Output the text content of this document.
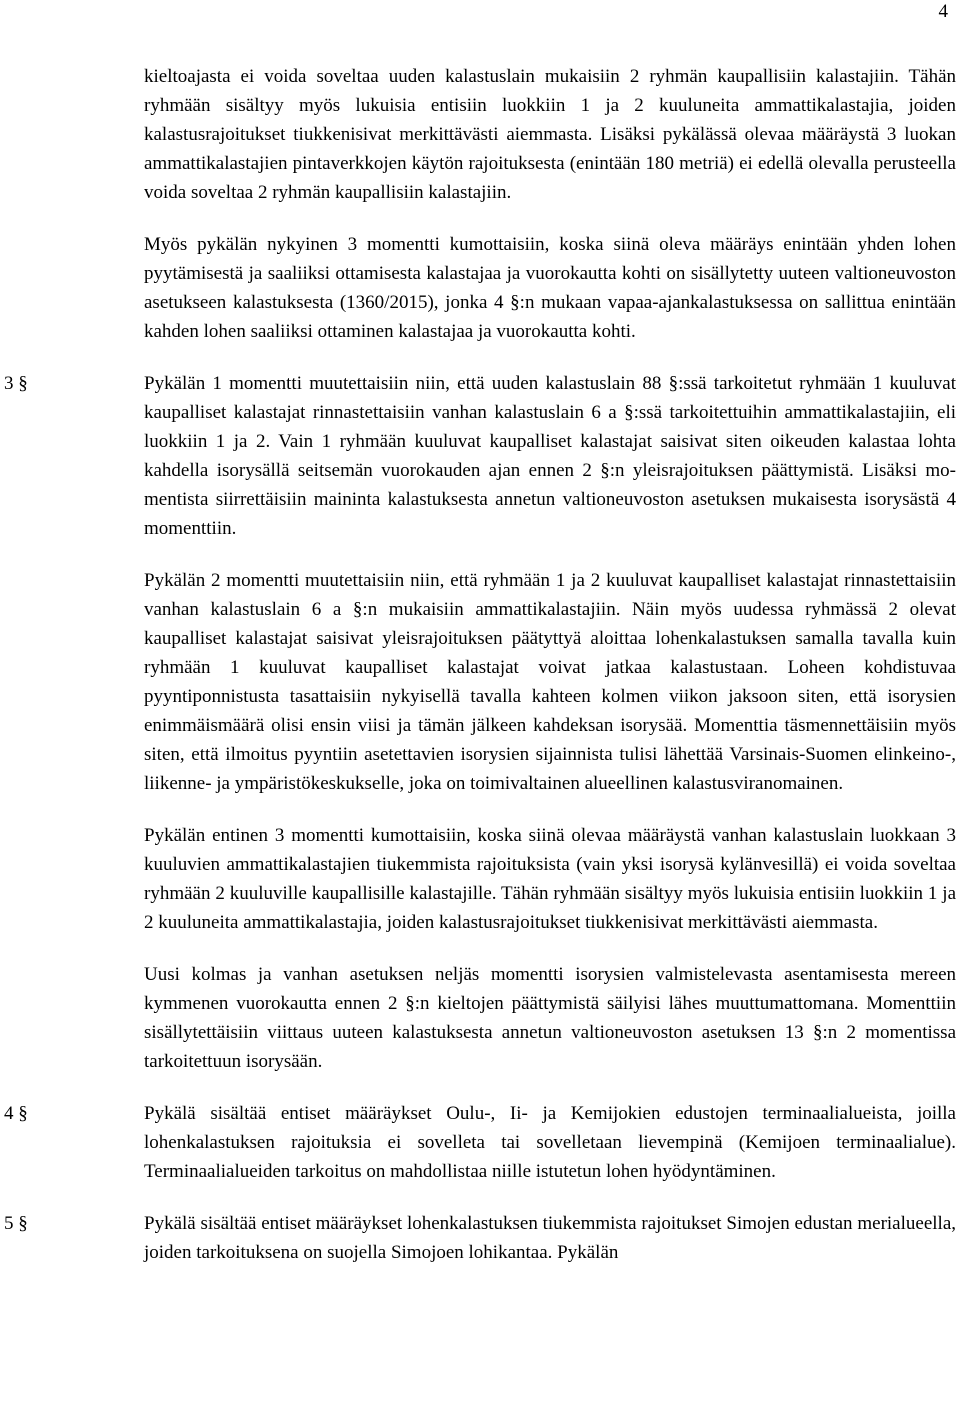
4
kieltoajasta ei voida soveltaa uuden kalastuslain mukaisiin 2 ryhmän kaupallisiin kalastajiin. Tähän ryhmään sisältyy myös lukuisia entisiin luokkiin 1 ja 2 kuuluneita ammattikalastajia, joiden kalastusrajoitukset tiukkenisivat merkittävästi aiemmasta. Lisäksi pykälässä olevaa määräystä 3 luokan ammattikalastajien pintaverkkojen käytön rajoituksesta (enintään 180 metriä) ei edellä olevalla perusteella voida soveltaa 2 ryhmän kaupallisiin kalastajiin.
Myös pykälän nykyinen 3 momentti kumottaisiin, koska siinä oleva määräys enintään yhden lohen pyytämisestä ja saaliiksi ottamisesta kalastajaa ja vuorokautta kohti on sisällytetty uuteen valtioneuvoston asetukseen kalastuksesta (1360/2015), jonka 4 §:n mukaan vapaa-ajankalastuksessa on sallittua enintään kahden lohen saaliiksi ottaminen kalastajaa ja vuorokautta kohti.
3 §	Pykälän 1 momentti muutettaisiin niin, että uuden kalastuslain 88 §:ssä tarkoitetut ryhmään 1 kuuluvat kaupalliset kalastajat rinnastettaisiin vanhan kalastuslain 6 a §:ssä tarkoitettuihin ammattikalastajiin, eli luokkiin 1 ja 2. Vain 1 ryhmään kuuluvat kaupalliset kalastajat saisivat siten oikeuden kalastaa lohta kahdella isorysällä seitsemän vuorokauden ajan ennen 2 §:n yleisrajoituksen päättymistä. Lisäksi momentista siirrettäisiin maininta kalastuksesta annetun valtioneuvoston asetuksen mukaisesta isorysästä 4 momenttiin.
Pykälän 2 momentti muutettaisiin niin, että ryhmään 1 ja 2 kuuluvat kaupalliset kalastajat rinnastettaisiin vanhan kalastuslain 6 a §:n mukaisiin ammattikalastajiin. Näin myös uudessa ryhmässä 2 olevat kaupalliset kalastajat saisivat yleisrajoituksen päätyttyä aloittaa lohenkalastuksen samalla tavalla kuin ryhmään 1 kuuluvat kaupalliset kalastajat voivat jatkaa kalastustaan. Loheen kohdistuvaa pyyntiponnistusta tasattaisiin nykyisellä tavalla kahteen kolmen viikon jaksoon siten, että isorysien enimmäismäärä olisi ensin viisi ja tämän jälkeen kahdeksan isorysää. Momenttia täsmennettäisiin myös siten, että ilmoitus pyyntiin asetettavien isorysien sijainnista tulisi lähettää Varsinais-Suomen elinkeino-, liikenne- ja ympäristökeskukselle, joka on toimivaltainen alueellinen kalastusviranomainen.
Pykälän entinen 3 momentti kumottaisiin, koska siinä olevaa määräystä vanhan kalastuslain luokkaan 3 kuuluvien ammattikalastajien tiukemmista rajoituksista (vain yksi isorysä kylänvesillä) ei voida soveltaa ryhmään 2 kuuluville kaupallisille kalastajille. Tähän ryhmään sisältyy myös lukuisia entisiin luokkiin 1 ja 2 kuuluneita ammattikalastajia, joiden kalastusrajoitukset tiukkenisivat merkittävästi aiemmasta.
Uusi kolmas ja vanhan asetuksen neljäs momentti isorysien valmistelevasta asentamisesta mereen kymmenen vuorokautta ennen 2 §:n kieltojen päättymistä säilyisi lähes muuttumattomana. Momenttiin sisällytettäisiin viittaus uuteen kalastuksesta annetun valtioneuvoston asetuksen 13 §:n 2 momentissa tarkoitettuun isorysään.
4 §	Pykälä sisältää entiset määräykset Oulu-, Ii- ja Kemijokien edustojen terminaalialueista, joilla lohenkalastuksen rajoituksia ei sovelleta tai sovelletaan lievempinä (Kemijoen terminaalialue). Terminaalialueiden tarkoitus on mahdollistaa niille istutetun lohen hyödyntäminen.
5 §	Pykälä sisältää entiset määräykset lohenkalastuksen tiukemmista rajoitukset Simojen edustan merialueella, joiden tarkoituksena on suojella Simojoen lohikantaa. Pykälän
